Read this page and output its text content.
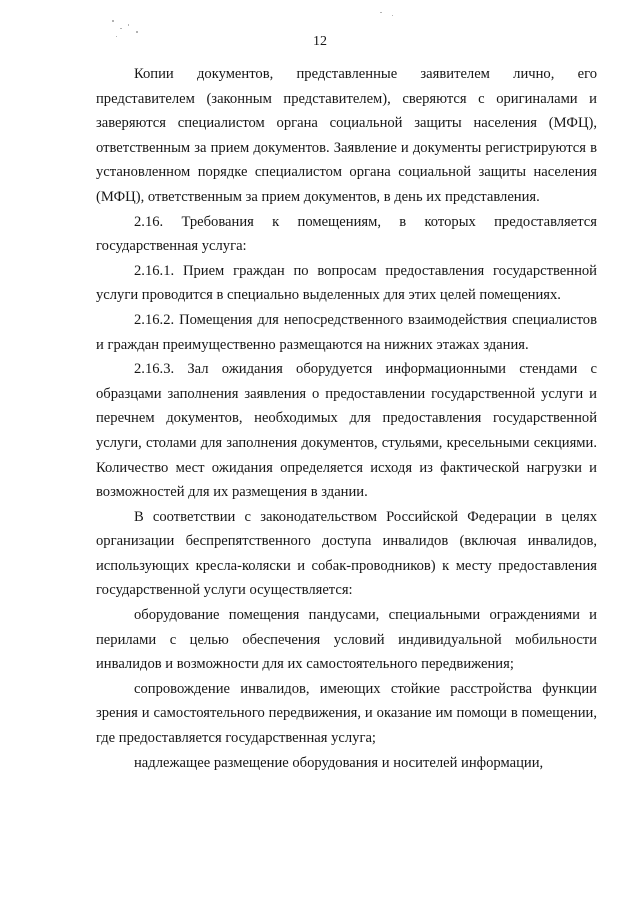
12

Копии документов, представленные заявителем лично, его представителем (законным представителем), сверяются с оригиналами и заверяются специалистом органа социальной защиты населения (МФЦ), ответственным за прием документов. Заявление и документы регистрируются в установленном порядке специалистом органа социальной защиты населения (МФЦ), ответственным за прием документов, в день их представления.

2.16. Требования к помещениям, в которых предоставляется государственная услуга:

2.16.1. Прием граждан по вопросам предоставления государственной услуги проводится в специально выделенных для этих целей помещениях.

2.16.2. Помещения для непосредственного взаимодействия специалистов и граждан преимущественно размещаются на нижних этажах здания.

2.16.3. Зал ожидания оборудуется информационными стендами с образцами заполнения заявления о предоставлении государственной услуги и перечнем документов, необходимых для предоставления государственной услуги, столами для заполнения документов, стульями, кресельными секциями. Количество мест ожидания определяется исходя из фактической нагрузки и возможностей для их размещения в здании.

В соответствии с законодательством Российской Федерации в целях организации беспрепятственного доступа инвалидов (включая инвалидов, использующих кресла-коляски и собак-проводников) к месту предоставления государственной услуги осуществляется:

оборудование помещения пандусами, специальными ограждениями и перилами с целью обеспечения условий индивидуальной мобильности инвалидов и возможности для их самостоятельного передвижения;

сопровождение инвалидов, имеющих стойкие расстройства функции зрения и самостоятельного передвижения, и оказание им помощи в помещении, где предоставляется государственная услуга;

надлежащее размещение оборудования и носителей информации,
